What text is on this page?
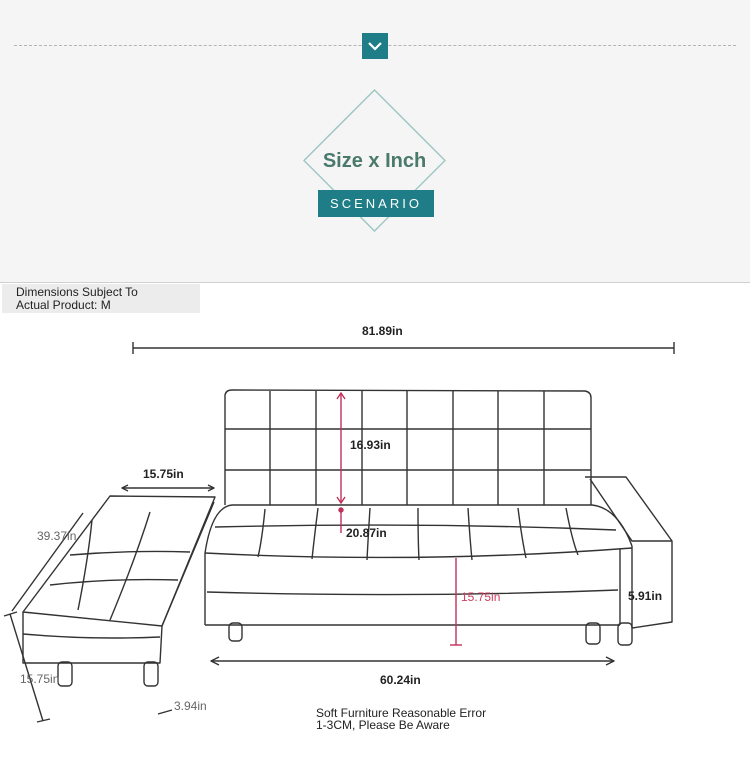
Size x Inch
SCENARIO
Dimensions Subject To
Actual Product: M
81.89in
15.75in
39.37in
15.75in
3.94in
16.93in
20.87in
15.75in	5.91in
60.24in
Soft Furniture Reasonable Error
1-3CM, Please Be Aware
